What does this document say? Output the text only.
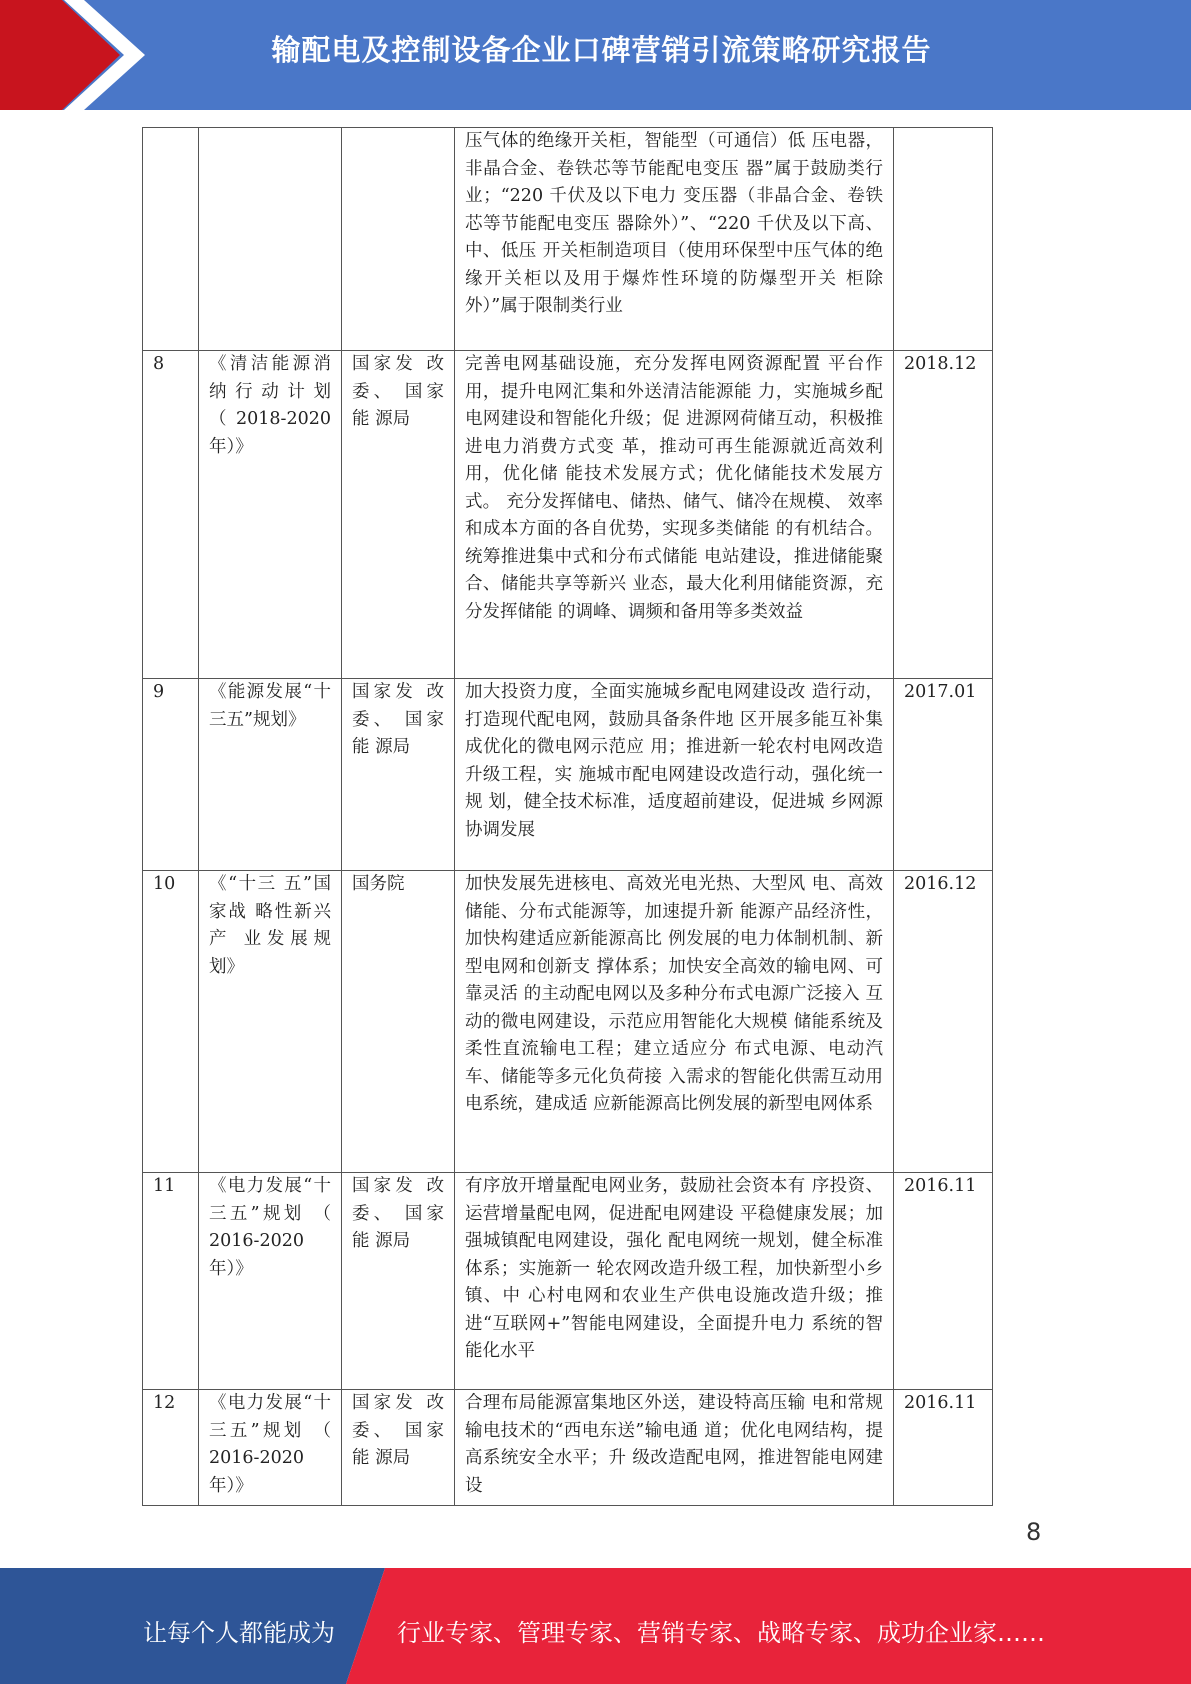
输配电及控制设备企业口碑营销引流策略研究报告
			压气体的绝缘开关柜，智能型（可通信）低 压电器，非晶合金、卷铁芯等节能配电变压 器”属于鼓励类行业；“220 千伏及以下电力 变压器（非晶合金、卷铁芯等节能配电变压 器除外）”、“220 千伏及以下高、中、低压 开关柜制造项目（使用环保型中压气体的绝 缘开关柜以及用于爆炸性环境的防爆型开关 柜除外）”属于限制类行业	
8	《清洁能源消纳行动计划 （2018-2020 年）》	国家发 改委、 国家能 源局	完善电网基础设施，充分发挥电网资源配置 平台作用，提升电网汇集和外送清洁能源能 力，实施城乡配电网建设和智能化升级；促 进源网荷储互动，积极推进电力消费方式变 革，推动可再生能源就近高效利用，优化储 能技术发展方式；优化储能技术发展方式。 充分发挥储电、储热、储气、储冷在规模、 效率和成本方面的各自优势，实现多类储能 的有机结合。统筹推进集中式和分布式储能 电站建设，推进储能聚合、储能共享等新兴 业态，最大化利用储能资源，充分发挥储能 的调峰、调频和备用等多类效益	2018.12
9	《能源发展“十三五”规划》	国家发 改委、 国家能 源局	加大投资力度，全面实施城乡配电网建设改 造行动，打造现代配电网，鼓励具备条件地 区开展多能互补集成优化的微电网示范应 用；推进新一轮农村电网改造升级工程，实 施城市配电网建设改造行动，强化统一规 划，健全技术标准，适度超前建设，促进城 乡网源协调发展	2017.01
10	《“十三 五”国家战 略性新兴产 业发展规 划》	国务院	加快发展先进核电、高效光电光热、大型风 电、高效储能、分布式能源等，加速提升新 能源产品经济性，加快构建适应新能源高比 例发展的电力体制机制、新型电网和创新支 撑体系；加快安全高效的输电网、可靠灵活 的主动配电网以及多种分布式电源广泛接入 互动的微电网建设，示范应用智能化大规模 储能系统及柔性直流输电工程；建立适应分 布式电源、电动汽车、储能等多元化负荷接 入需求的智能化供需互动用电系统，建成适 应新能源高比例发展的新型电网体系	2016.12
11	《电力发展“十三五”规划 （ 2016-2020 年）》	国家发 改委、 国家能 源局	有序放开增量配电网业务，鼓励社会资本有 序投资、运营增量配电网，促进配电网建设 平稳健康发展；加强城镇配电网建设，强化 配电网统一规划，健全标准体系；实施新一 轮农网改造升级工程，加快新型小乡镇、中 心村电网和农业生产供电设施改造升级；推 进“互联网+”智能电网建设，全面提升电力 系统的智能化水平	2016.11
12	《电力发展“十三五”规划 （ 2016-2020 年）》	国家发 改委、 国家能 源局	合理布局能源富集地区外送，建设特高压输 电和常规输电技术的“西电东送”输电通 道；优化电网结构，提高系统安全水平；升 级改造配电网，推进智能电网建设	2016.11
8
让每个人都能成为	行业专家、管理专家、营销专家、战略专家、成功企业家……
